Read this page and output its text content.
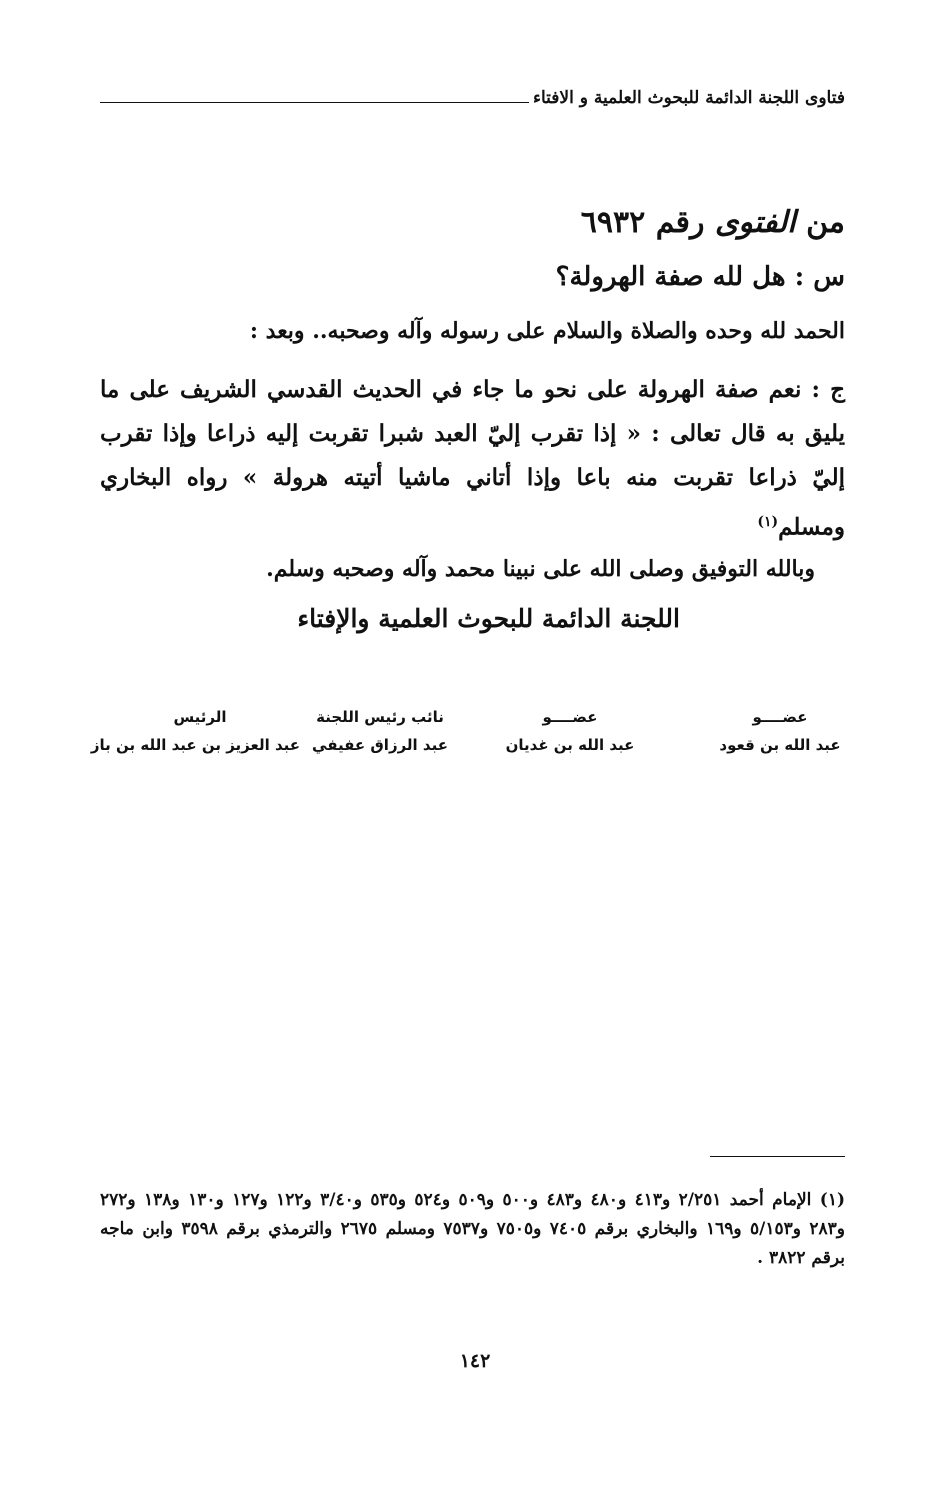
فتاوى اللجنة الدائمة للبحوث العلمية و الافتاء
من الفتوى رقم ٦٩٣٢
س : هل لله صفة الهرولة؟
الحمد لله وحده والصلاة والسلام على رسوله وآله وصحبه.. وبعد :
ج : نعم صفة الهرولة على نحو ما جاء في الحديث القدسي الشريف على ما يليق به قال تعالى : « إذا تقرب إليّ العبد شبرا تقربت إليه ذراعا وإذا تقرب إليّ ذراعا تقربت منه باعا وإذا أتاني ماشيا أتيته هرولة » رواه البخاري ومسلم$^{(١)}$
وبالله التوفيق وصلى الله على نبينا محمد وآله وصحبه وسلم.
اللجنة الدائمة للبحوث العلمية والإفتاء
عضــــو
عبد الله بن قعود
عضــــو
عبد الله بن غديان
نائب رئيس اللجنة
عبد الرزاق عفيفي
الرئيس
عبد العزيز بن عبد الله بن باز
(١) الإمام أحمد ٢/٢٥١ و٤١٣ و٤٨٠ و٤٨٣ و٥٠٠ و٥٠٩ و٥٢٤ و٥٣٥ و٣/٤٠ و١٢٢ و١٢٧ و١٣٠ و١٣٨ و٢٧٢ و٢٨٣ و٥/١٥٣ و١٦٩ والبخاري برقم ٧٤٠٥ و٧٥٠٥ و٧٥٣٧ ومسلم ٢٦٧٥ والترمذي برقم ٣٥٩٨ وابن ماجه برقم ٣٨٢٢ .
١٤٢
